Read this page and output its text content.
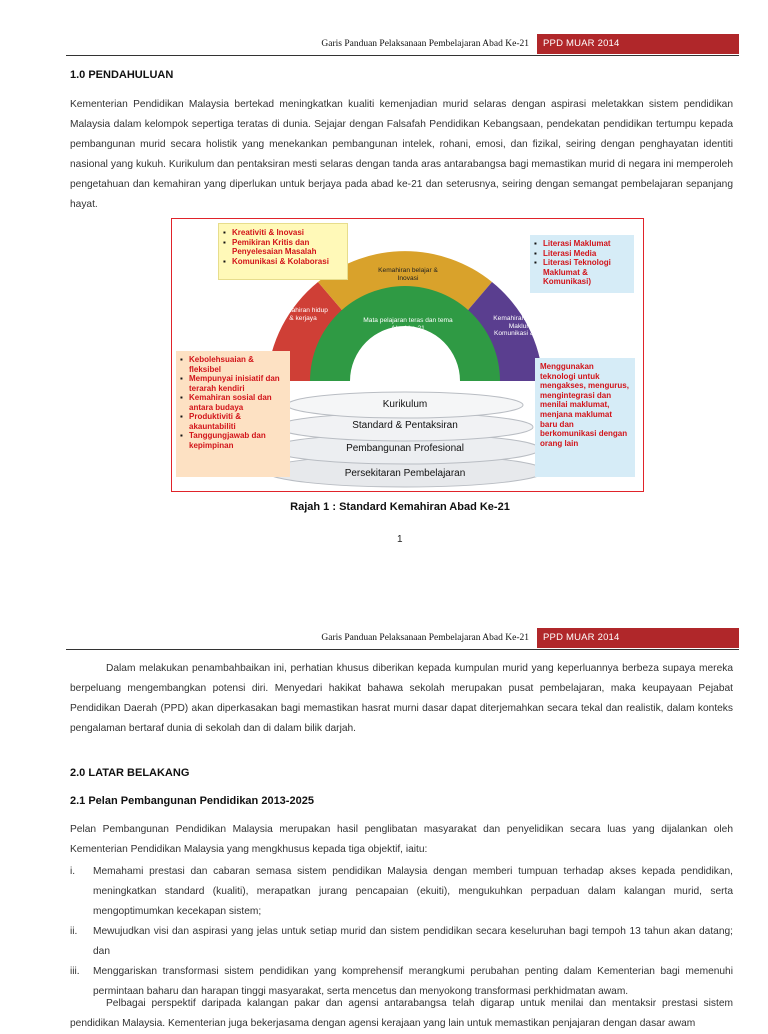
Garis Panduan Pelaksanaan Pembelajaran Abad Ke-21	PPD MUAR 2014
1.0 PENDAHULUAN
Kementerian Pendidikan Malaysia bertekad meningkatkan kualiti kemenjadian murid selaras dengan aspirasi meletakkan sistem pendidikan Malaysia dalam kelompok sepertiga teratas di dunia. Sejajar dengan Falsafah Pendidikan Kebangsaan, pendekatan pendidikan tertumpu kepada pembangunan murid secara holistik yang menekankan pembangunan intelek, rohani, emosi, dan fizikal, seiring dengan penghayatan identiti nasional yang kukuh. Kurikulum dan pentaksiran mesti selaras dengan tanda aras antarabangsa bagi memastikan murid di negara ini memperoleh pengetahuan dan kemahiran yang diperlukan untuk berjaya pada abad ke-21 dan seterusnya, seiring dengan semangat pembelajaran sepanjang hayat.
Kemahiran belajar & Inovasi
Kemahiran hidup & kerjaya	Kemahiran Teknologi Maklumat, Komunikasi & Media
Mata pelajaran teras dan tema Abad ke-21
Kurikulum
Standard & Pentaksiran
Pembangunan Profesional
Persekitaran Pembelajaran
▪ Kreativiti & Inovasi
▪ Pemikiran Kritis dan Penyelesaian Masalah
▪ Komunikasi & Kolaborasi
▪ Literasi Maklumat
▪ Literasi Media
▪ Literasi Teknologi Maklumat & Komunikasi)
▪ Kebolehsuaian & fleksibel
▪ Mempunyai inisiatif dan terarah kendiri
▪ Kemahiran sosial dan antara budaya
▪ Produktiviti & akauntabiliti
▪ Tanggungjawab dan kepimpinan
Menggunakan teknologi untuk mengakses, mengurus, mengintegrasi dan menilai maklumat, menjana maklumat baru dan berkomunikasi dengan orang lain
Rajah 1 : Standard Kemahiran Abad Ke-21
1
Garis Panduan Pelaksanaan Pembelajaran Abad Ke-21	PPD MUAR 2014
Dalam melakukan penambahbaikan ini, perhatian khusus diberikan kepada kumpulan murid yang keperluannya berbeza supaya mereka berpeluang mengembangkan potensi diri. Menyedari hakikat bahawa sekolah merupakan pusat pembelajaran, maka keupayaan Pejabat Pendidikan Daerah (PPD) akan diperkasakan bagi memastikan hasrat murni dasar dapat diterjemahkan secara tekal dan realistik, dalam konteks pengalaman bertaraf dunia di sekolah dan di dalam bilik darjah.
2.0 LATAR BELAKANG
2.1 Pelan Pembangunan Pendidikan 2013-2025
Pelan Pembangunan Pendidikan Malaysia merupakan hasil penglibatan masyarakat dan penyelidikan secara luas yang dijalankan oleh Kementerian Pendidikan Malaysia yang mengkhusus kepada tiga objektif, iaitu:
i. Memahami prestasi dan cabaran semasa sistem pendidikan Malaysia dengan memberi tumpuan terhadap akses kepada pendidikan, meningkatkan standard (kualiti), merapatkan jurang pencapaian (ekuiti), mengukuhkan perpaduan dalam kalangan murid, serta mengoptimumkan kecekapan sistem;
ii. Mewujudkan visi dan aspirasi yang jelas untuk setiap murid dan sistem pendidikan secara keseluruhan bagi tempoh 13 tahun akan datang; dan
iii. Menggariskan transformasi sistem pendidikan yang komprehensif merangkumi perubahan penting dalam Kementerian bagi memenuhi permintaan baharu dan harapan tinggi masyarakat, serta mencetus dan menyokong transformasi perkhidmatan awam.
Pelbagai perspektif daripada kalangan pakar dan agensi antarabangsa telah digarap untuk menilai dan mentaksir prestasi sistem pendidikan Malaysia. Kementerian juga bekerjasama dengan agensi kerajaan yang lain untuk memastikan penjajaran dengan dasar awam
